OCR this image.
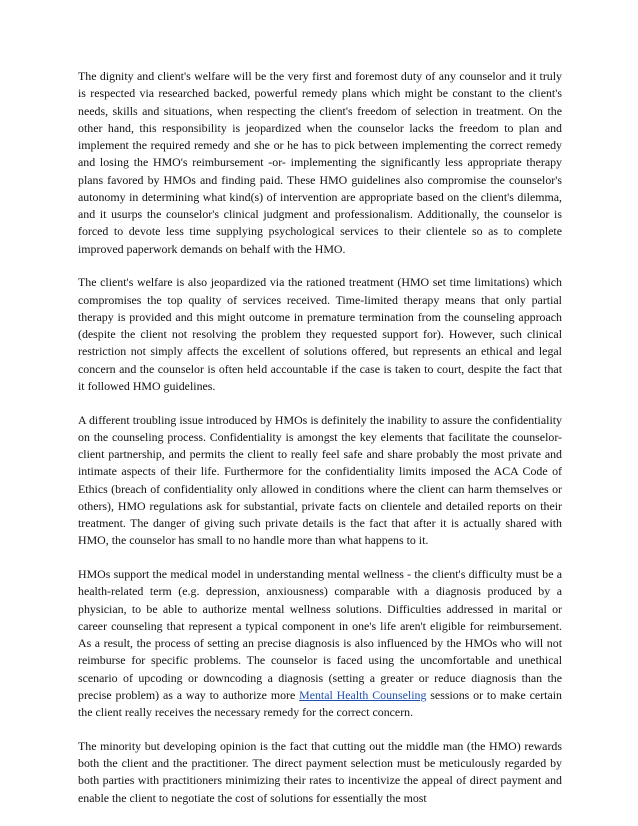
The dignity and client's welfare will be the very first and foremost duty of any counselor and it truly is respected via researched backed, powerful remedy plans which might be constant to the client's needs, skills and situations, when respecting the client's freedom of selection in treatment. On the other hand, this responsibility is jeopardized when the counselor lacks the freedom to plan and implement the required remedy and she or he has to pick between implementing the correct remedy and losing the HMO's reimbursement -or- implementing the significantly less appropriate therapy plans favored by HMOs and finding paid. These HMO guidelines also compromise the counselor's autonomy in determining what kind(s) of intervention are appropriate based on the client's dilemma, and it usurps the counselor's clinical judgment and professionalism. Additionally, the counselor is forced to devote less time supplying psychological services to their clientele so as to complete improved paperwork demands on behalf with the HMO.

The client's welfare is also jeopardized via the rationed treatment (HMO set time limitations) which compromises the top quality of services received. Time-limited therapy means that only partial therapy is provided and this might outcome in premature termination from the counseling approach (despite the client not resolving the problem they requested support for). However, such clinical restriction not simply affects the excellent of solutions offered, but represents an ethical and legal concern and the counselor is often held accountable if the case is taken to court, despite the fact that it followed HMO guidelines.

A different troubling issue introduced by HMOs is definitely the inability to assure the confidentiality on the counseling process. Confidentiality is amongst the key elements that facilitate the counselor-client partnership, and permits the client to really feel safe and share probably the most private and intimate aspects of their life. Furthermore for the confidentiality limits imposed the ACA Code of Ethics (breach of confidentiality only allowed in conditions where the client can harm themselves or others), HMO regulations ask for substantial, private facts on clientele and detailed reports on their treatment. The danger of giving such private details is the fact that after it is actually shared with HMO, the counselor has small to no handle more than what happens to it.

HMOs support the medical model in understanding mental wellness - the client's difficulty must be a health-related term (e.g. depression, anxiousness) comparable with a diagnosis produced by a physician, to be able to authorize mental wellness solutions. Difficulties addressed in marital or career counseling that represent a typical component in one's life aren't eligible for reimbursement. As a result, the process of setting an precise diagnosis is also influenced by the HMOs who will not reimburse for specific problems. The counselor is faced using the uncomfortable and unethical scenario of upcoding or downcoding a diagnosis (setting a greater or reduce diagnosis than the precise problem) as a way to authorize more Mental Health Counseling sessions or to make certain the client really receives the necessary remedy for the correct concern.

The minority but developing opinion is the fact that cutting out the middle man (the HMO) rewards both the client and the practitioner. The direct payment selection must be meticulously regarded by both parties with practitioners minimizing their rates to incentivize the appeal of direct payment and enable the client to negotiate the cost of solutions for essentially the most
